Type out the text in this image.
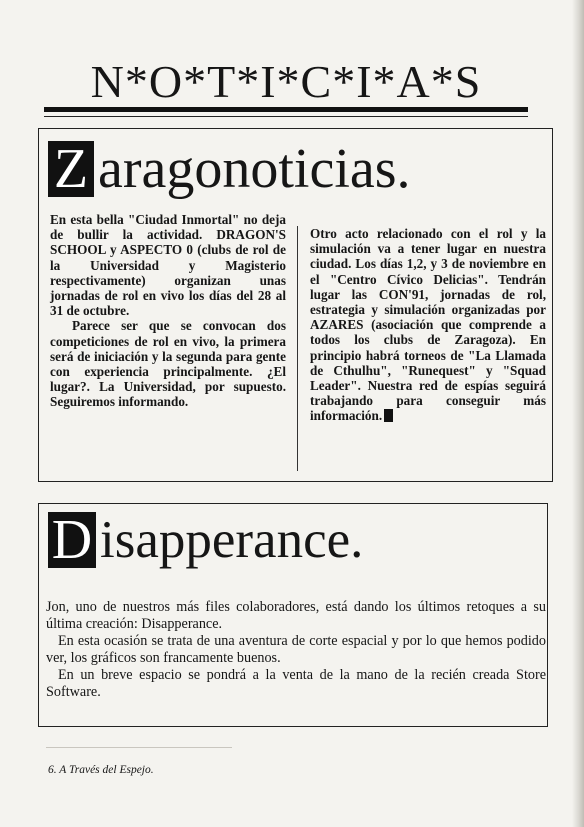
N*O*T*I*C*I*A*S
Z aragonoticias.

En esta bella "Ciudad Inmortal" no deja de bullir la actividad. DRAGON'S SCHOOL y ASPECTO 0 (clubs de rol de la Universidad y Magisterio respectivamente) organizan unas jornadas de rol en vivo los días del 28 al 31 de octubre.

Parece ser que se convocan dos competiciones de rol en vivo, la primera será de iniciación y la segunda para gente con experiencia principalmente. ¿El lugar?. La Universidad, por supuesto. Seguiremos informando.

Otro acto relacionado con el rol y la simulación va a tener lugar en nuestra ciudad. Los días 1,2, y 3 de noviembre en el "Centro Cívico Delicias". Tendrán lugar las CON'91, jornadas de rol, estrategia y simulación organizadas por AZARES (asociación que comprende a todos los clubs de Zaragoza). En principio habrá torneos de "La Llamada de Cthulhu", "Runequest" y "Squad Leader". Nuestra red de espías seguirá trabajando para conseguir más información.

D isapperance.

Jon, uno de nuestros más files colaboradores, está dando los últimos retoques a su última creación: Disapperance.

En esta ocasión se trata de una aventura de corte espacial y por lo que hemos podido ver, los gráficos son francamente buenos.

En un breve espacio se pondrá a la venta de la mano de la recién creada Store Software.

6. A Través del Espejo.
